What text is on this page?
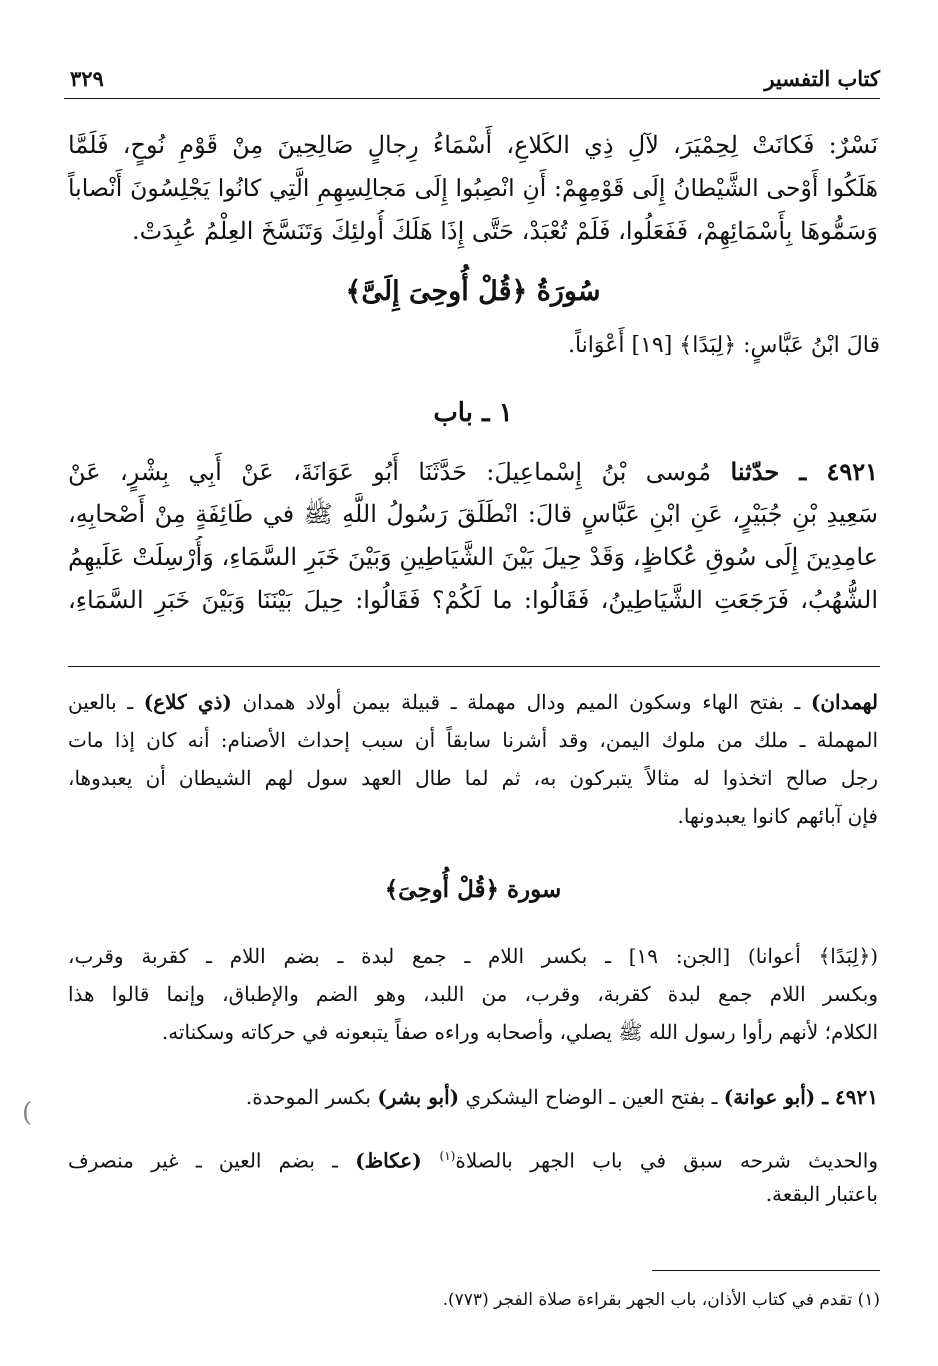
كتاب التفسير
٣٢٩
نَسْرٌ: فَكانَتْ لِحِمْيَرَ، لآلِ ذِي الكَلاعِ، أَسْمَاءُ رِجالٍ صَالِحِينَ مِنْ قَوْمِ نُوحٍ، فَلَمَّا
هَلَكُوا أَوْحى الشَّيْطانُ إِلَى قَوْمِهِمْ: أَنِ انْصِبُوا إِلَى مَجالِسِهِمِ الَّتِي كانُوا يَجْلِسُونَ أَنْصاباً
وَسَمُّوهَا بِأَسْمَائِهِمْ، فَفَعَلُوا، فَلَمْ تُعْبَدْ، حَتَّى إِذَا هَلَكَ أُولئِكَ وَتَنَسَّخَ العِلْمُ عُبِدَتْ.
سُورَةُ ﴿قُلْ أُوحِىَ إِلَىَّ﴾
قالَ ابْنُ عَبَّاسٍ: ﴿لِبَدًا﴾ [١٩] أَعْوَاناً.
١ ـ باب
٤٩٢١ ـ حدّثنا مُوسى بْنُ إِسْماعِيلَ: حَدَّثَنَا أَبُو عَوَانَةَ، عَنْ أَبِي بِشْرٍ، عَنْ
سَعِيدِ بْنِ جُبَيْرٍ، عَنِ ابْنِ عَبَّاسٍ قالَ: انْطَلَقَ رَسُولُ اللَّهِ ﷺ في طَائِفَةٍ مِنْ أَصْحابِهِ،
عامِدِينَ إِلَى سُوقِ عُكاظٍ، وَقَدْ حِيلَ بَيْنَ الشَّيَاطِينِ وَبَيْنَ خَبَرِ السَّمَاءِ، وَأُرْسِلَتْ عَلَيهِمُ
الشُّهُبُ، فَرَجَعَتِ الشَّيَاطِينُ، فَقَالُوا: ما لَكُمْ؟ فَقَالُوا: حِيلَ بَيْنَنَا وَبَيْنَ خَبَرِ السَّمَاءِ،
لهمدان) ـ بفتح الهاء وسكون الميم ودال مهملة ـ قبيلة بيمن أولاد همدان (ذي كلاع) ـ بالعين
المهملة ـ ملك من ملوك اليمن، وقد أشرنا سابقاً أن سبب إحداث الأصنام: أنه كان إذا مات
رجل صالح اتخذوا له مثالاً يتبركون به، ثم لما طال العهد سول لهم الشيطان أن يعبدوها،
فإن آبائهم كانوا يعبدونها.
سورة ﴿قُلْ أُوحِىَ﴾
(﴿لِبَدًا﴾ أعوانا) [الجن: ١٩] ـ بكسر اللام ـ جمع لبدة ـ بضم اللام ـ كقربة وقرب،
وبكسر اللام جمع لبدة كقربة، وقرب، من اللبد، وهو الضم والإطباق، وإنما قالوا هذا
الكلام؛ لأنهم رأوا رسول الله ﷺ يصلي، وأصحابه وراءه صفاً يتبعونه في حركاته وسكناته.
٤٩٢١ ـ (أبو عوانة) ـ بفتح العين ـ الوضاح اليشكري (أبو بشر) بكسر الموحدة.
والحديث شرحه سبق في باب الجهر بالصلاة$^{(١)}$ (عكاظ) ـ بضم العين ـ غير منصرف
باعتبار البقعة.
(١) تقدم في كتاب الأذان، باب الجهر بقراءة صلاة الفجر (٧٧٣).
(
